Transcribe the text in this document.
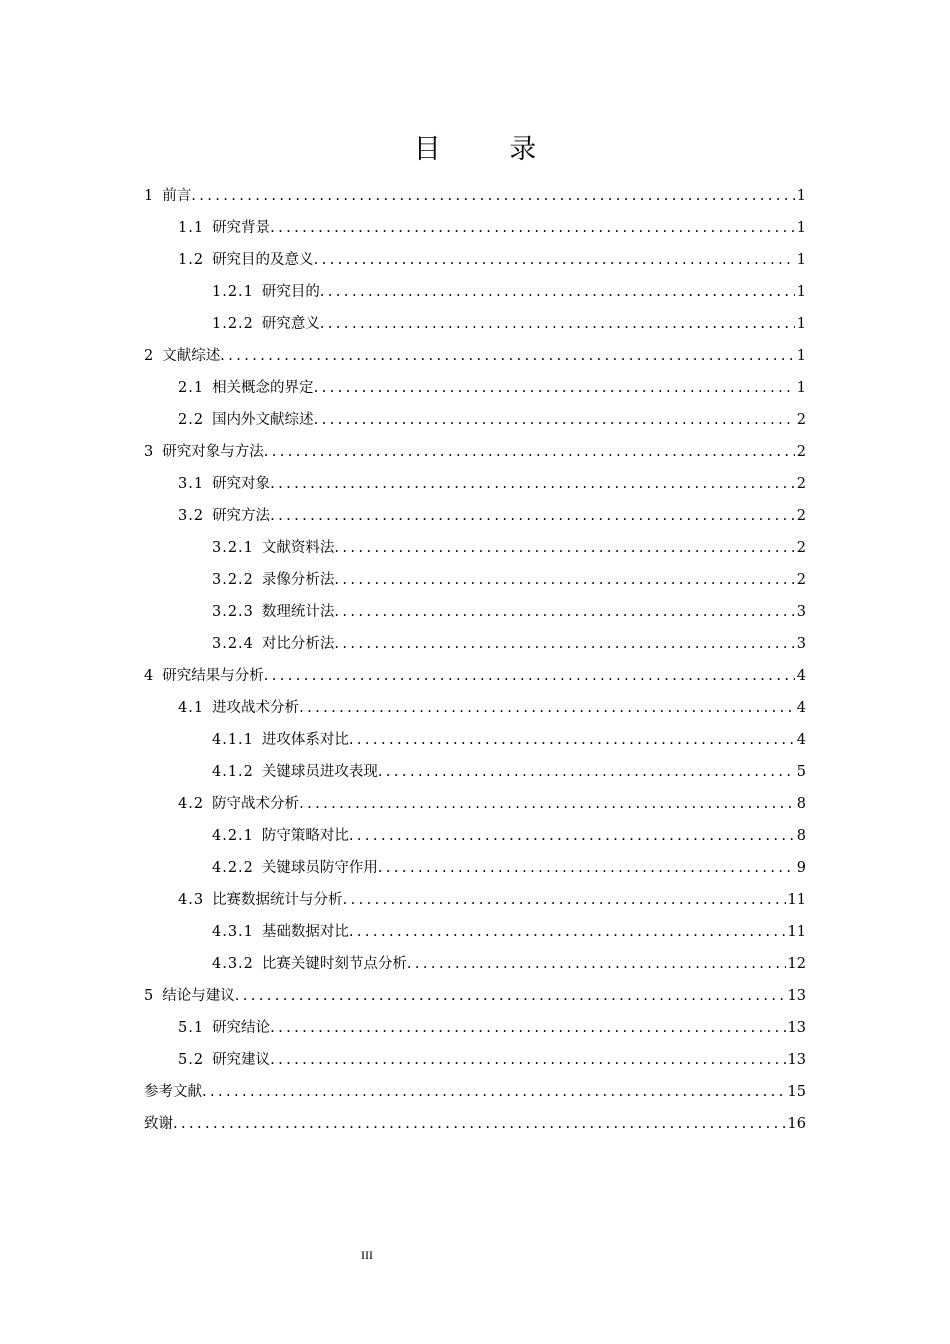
目 录
1 前言 .....	1
1.1 研究背景 .....	1
1.2 研究目的及意义 .....	1
1.2.1 研究目的 .....	1
1.2.2 研究意义 .....	1
2 文献综述 .....	1
2.1 相关概念的界定 .....	1
2.2 国内外文献综述 .....	2
3 研究对象与方法 .....	2
3.1 研究对象 .....	2
3.2 研究方法 .....	2
3.2.1 文献资料法 .....	2
3.2.2 录像分析法 .....	2
3.2.3 数理统计法 .....	3
3.2.4 对比分析法 .....	3
4 研究结果与分析 .....	4
4.1 进攻战术分析 .....	4
4.1.1 进攻体系对比 .....	4
4.1.2 关键球员进攻表现 .....	5
4.2 防守战术分析 .....	8
4.2.1 防守策略对比 .....	8
4.2.2 关键球员防守作用 .....	9
4.3 比赛数据统计与分析 .....	11
4.3.1 基础数据对比 .....	11
4.3.2 比赛关键时刻节点分析 .....	12
5 结论与建议 .....	13
5.1 研究结论 .....	13
5.2 研究建议 .....	13
参考文献 .....	15
致谢 .....	16
III
